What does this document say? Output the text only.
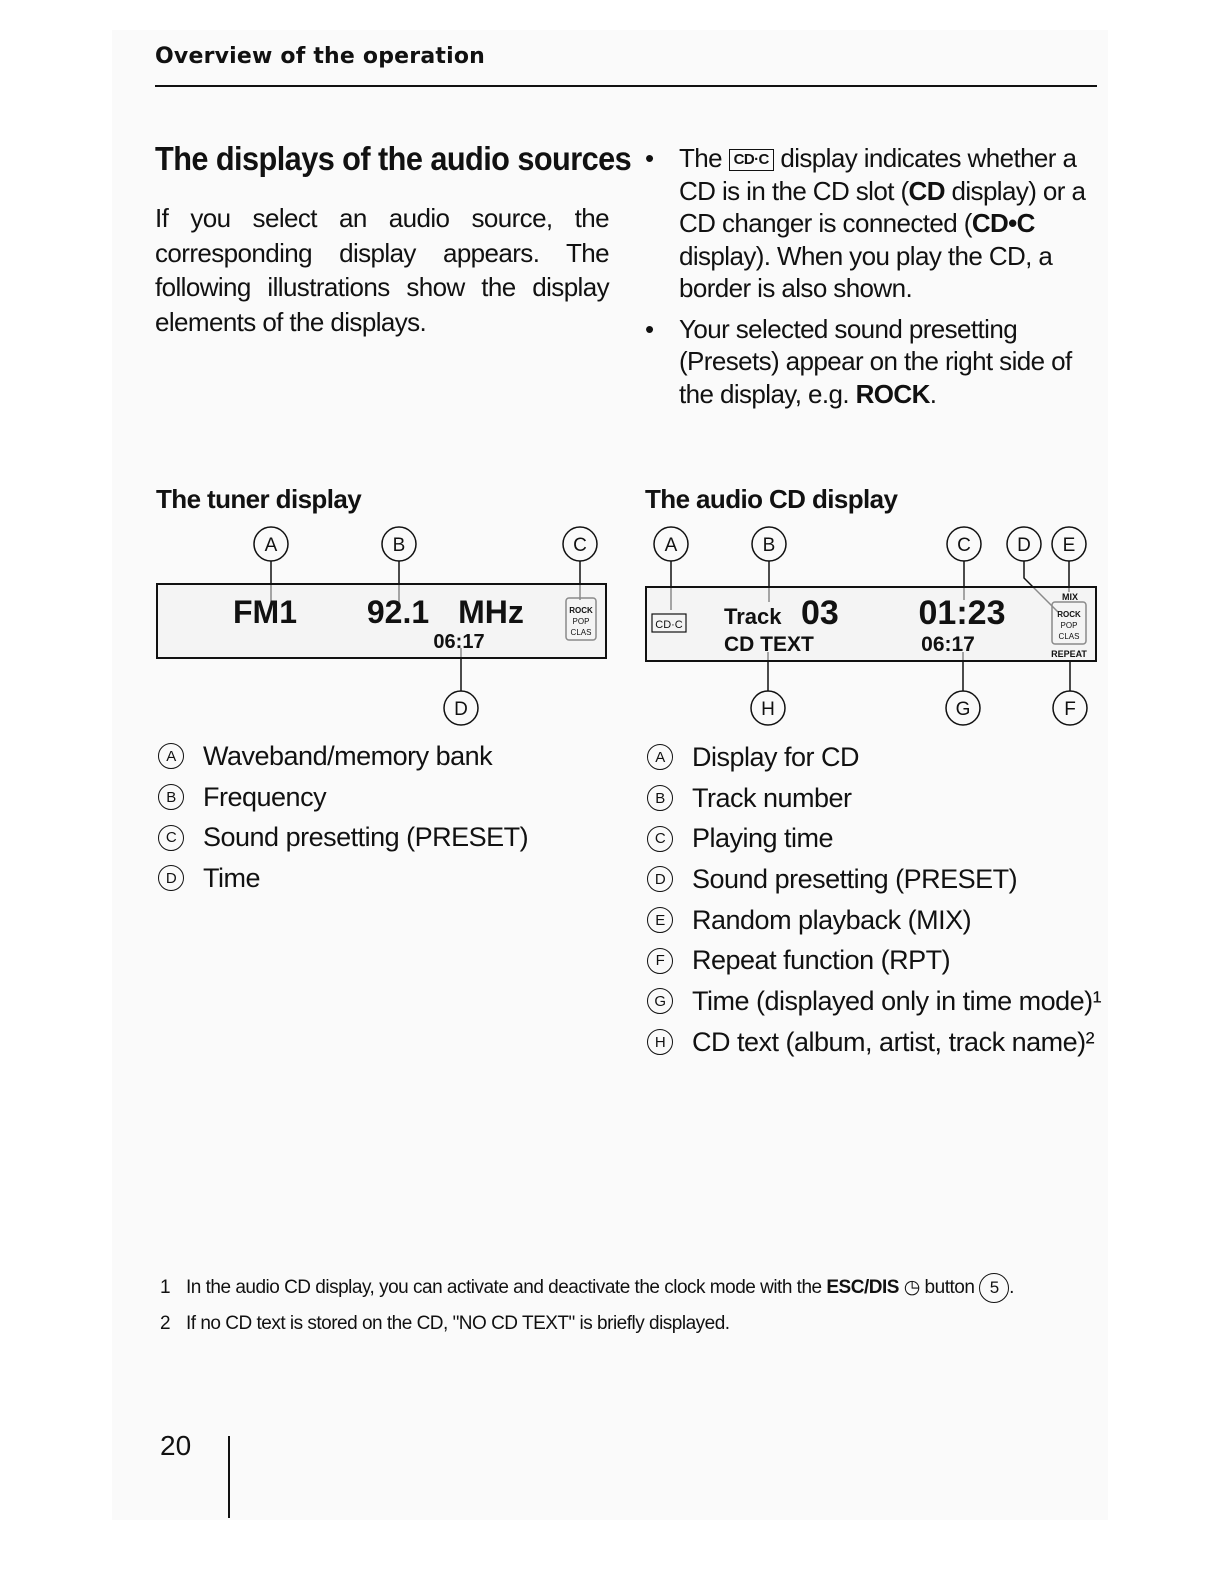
Overview of the operation
The displays of the audio sources

If you select an audio source, the corresponding display appears. The following illustrations show the display elements of the displays.

• The CD·C display indicates whether a CD is in the CD slot (CD display) or a CD changer is connected (CD•C display). When you play the CD, a border is also shown.
• Your selected sound presetting (Presets) appear on the right side of the display, e.g. ROCK.
The tuner display	The audio CD display
A	B	C
D
FM1 92.1 MHz
06:17
ROCK
POP
CLAS
A	B	C D E
F
G
H
CD·C Track 03
CD TEXT
01:23
06:17
MIX
ROCK
POP
CLAS
REPEAT
A	Waveband/memory bank
B	Frequency
C Sound presetting (PRESET)
D Time
A	Display for CD
B	Track number
C Playing time
D Sound presetting (PRESET)
E	Random playback (MIX)
F	Repeat function (RPT)
G Time (displayed only in time mode)¹
H CD text (album, artist, track name)²
1 In the audio CD display, you can activate and deactivate the clock mode with the ESC/DIS ◷ button 5 .
2 If no CD text is stored on the CD, "NO CD TEXT" is briefly displayed.
20
